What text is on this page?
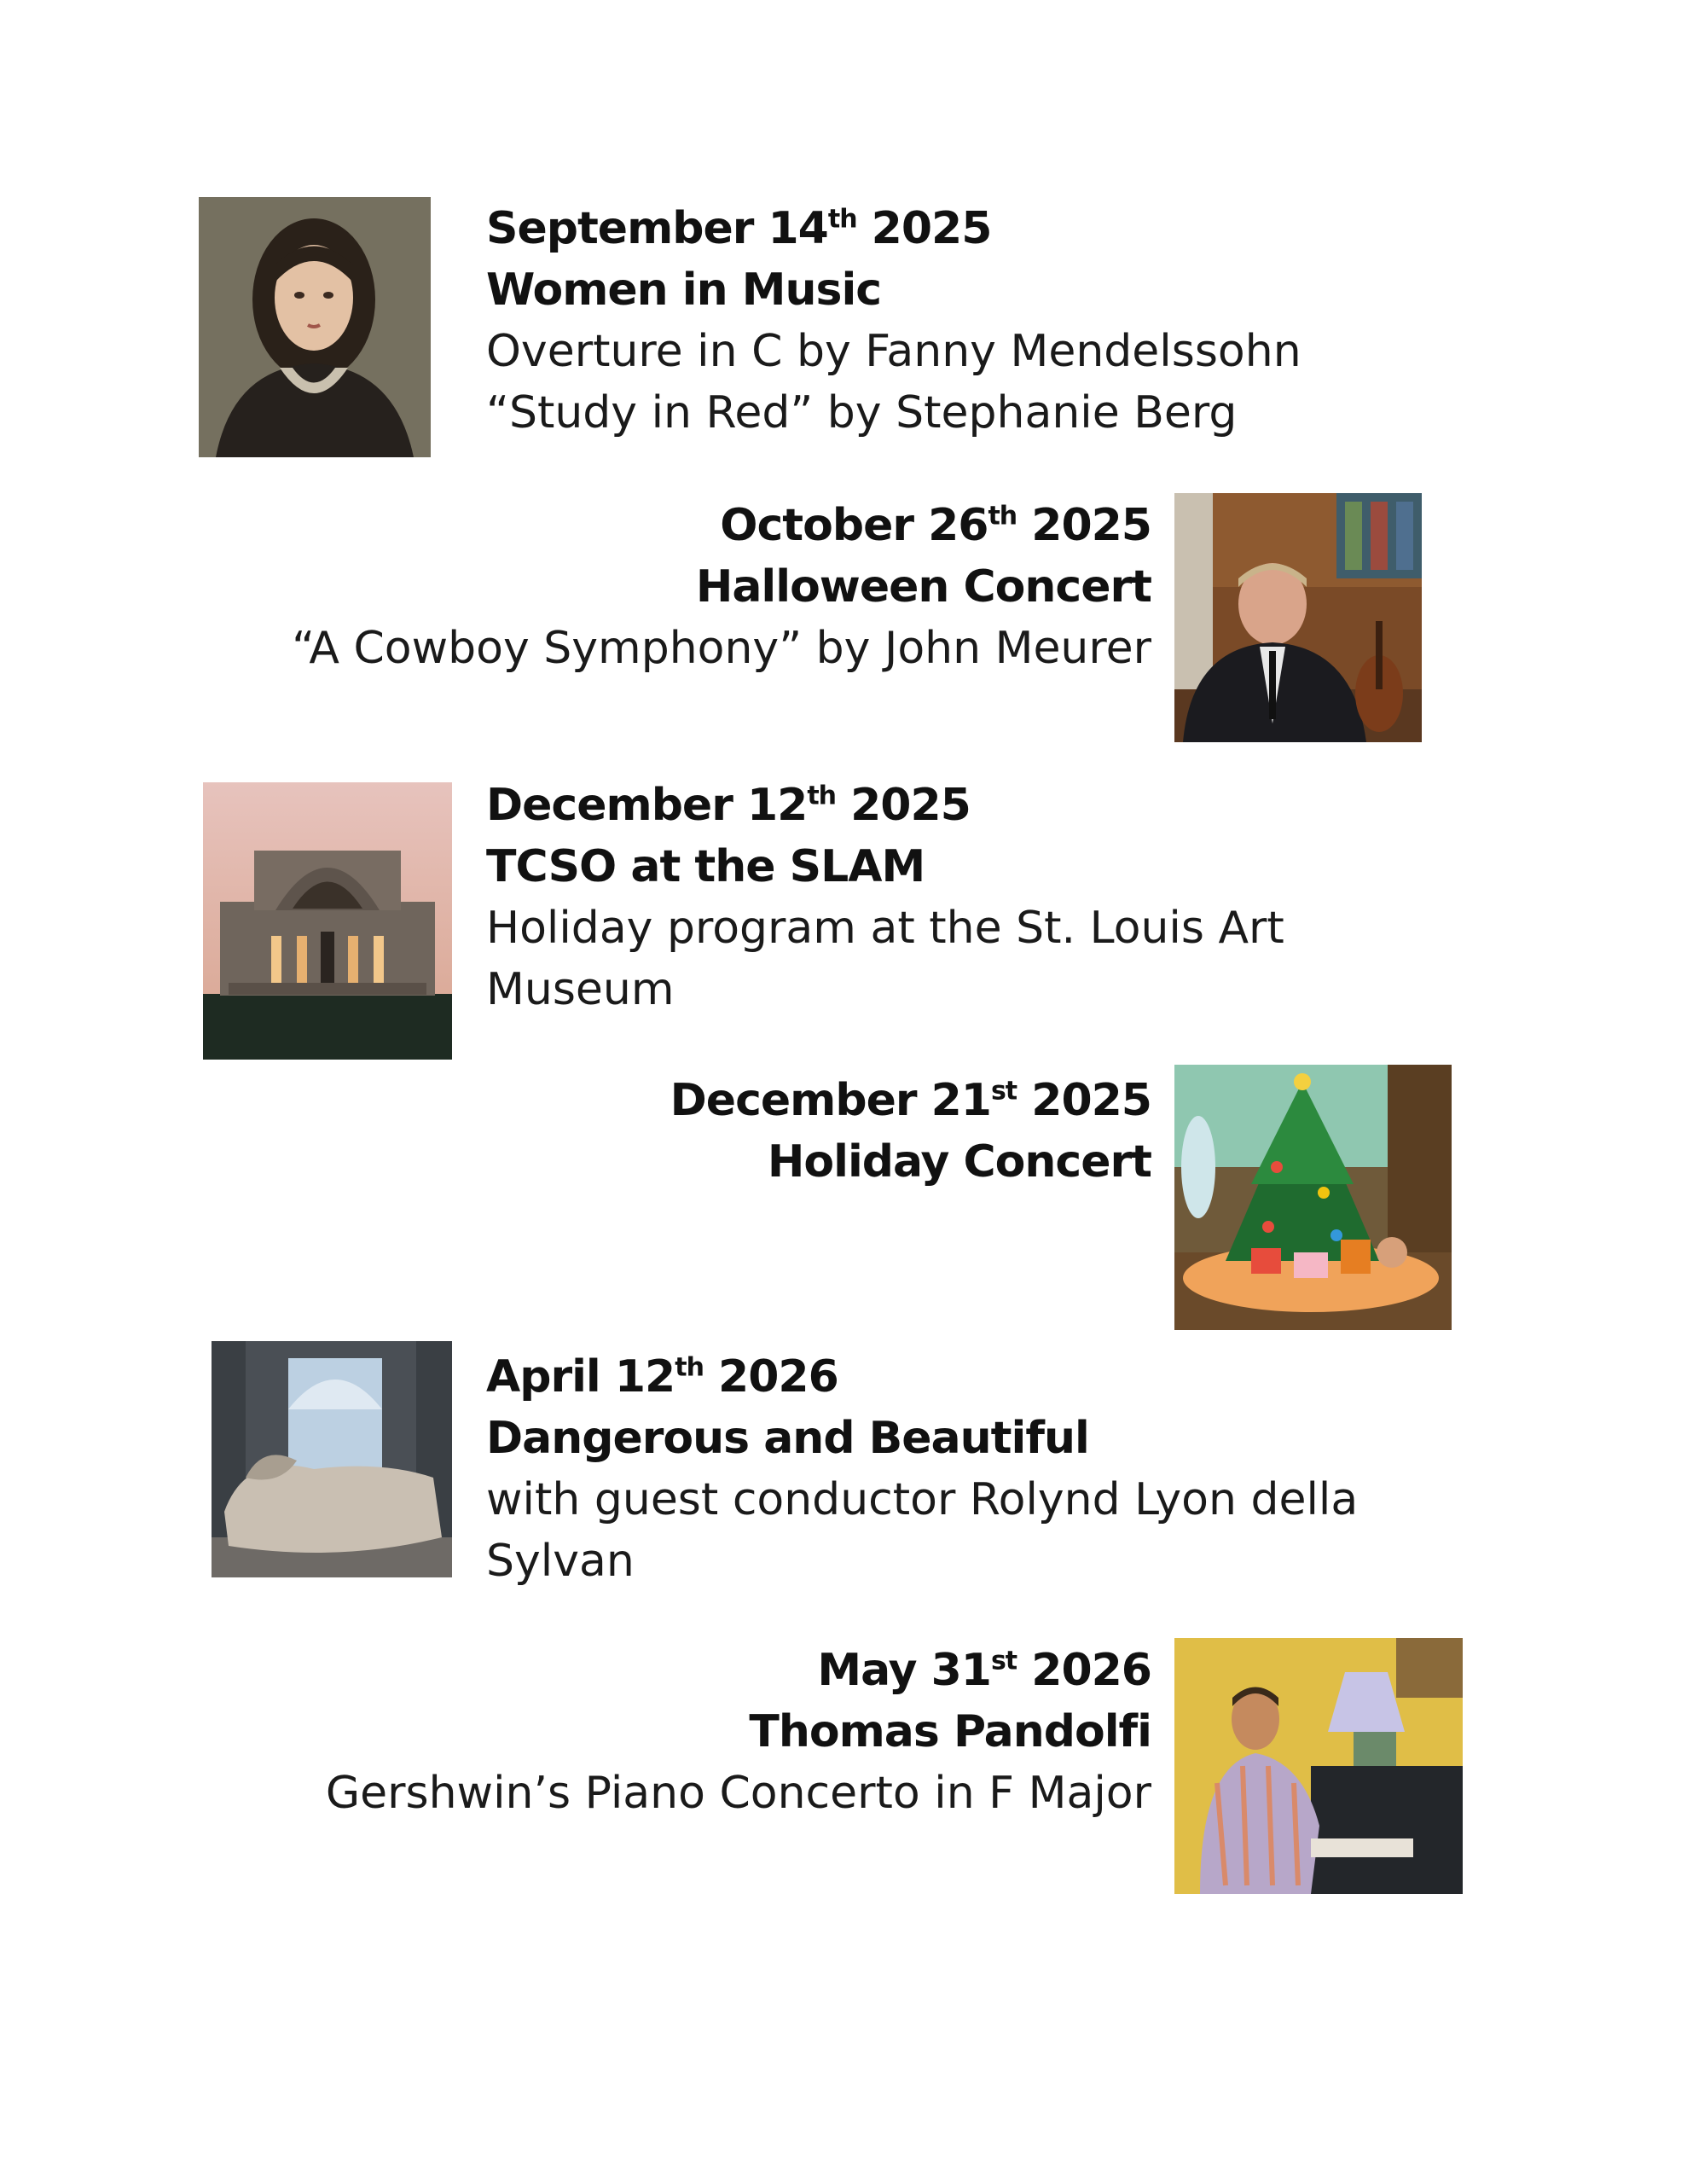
September 14th 2025
Women in Music
Overture in C by Fanny Mendelssohn
“Study in Red” by Stephanie Berg
October 26th 2025
Halloween Concert
“A Cowboy Symphony” by John Meurer
December 12th 2025
TCSO at the SLAM
Holiday program at the St. Louis Art Museum
December 21st 2025
Holiday Concert
April 12th 2026
Dangerous and Beautiful
with guest conductor Rolynd Lyon della Sylvan
May 31st 2026
Thomas Pandolfi
Gershwin’s Piano Concerto in F Major
